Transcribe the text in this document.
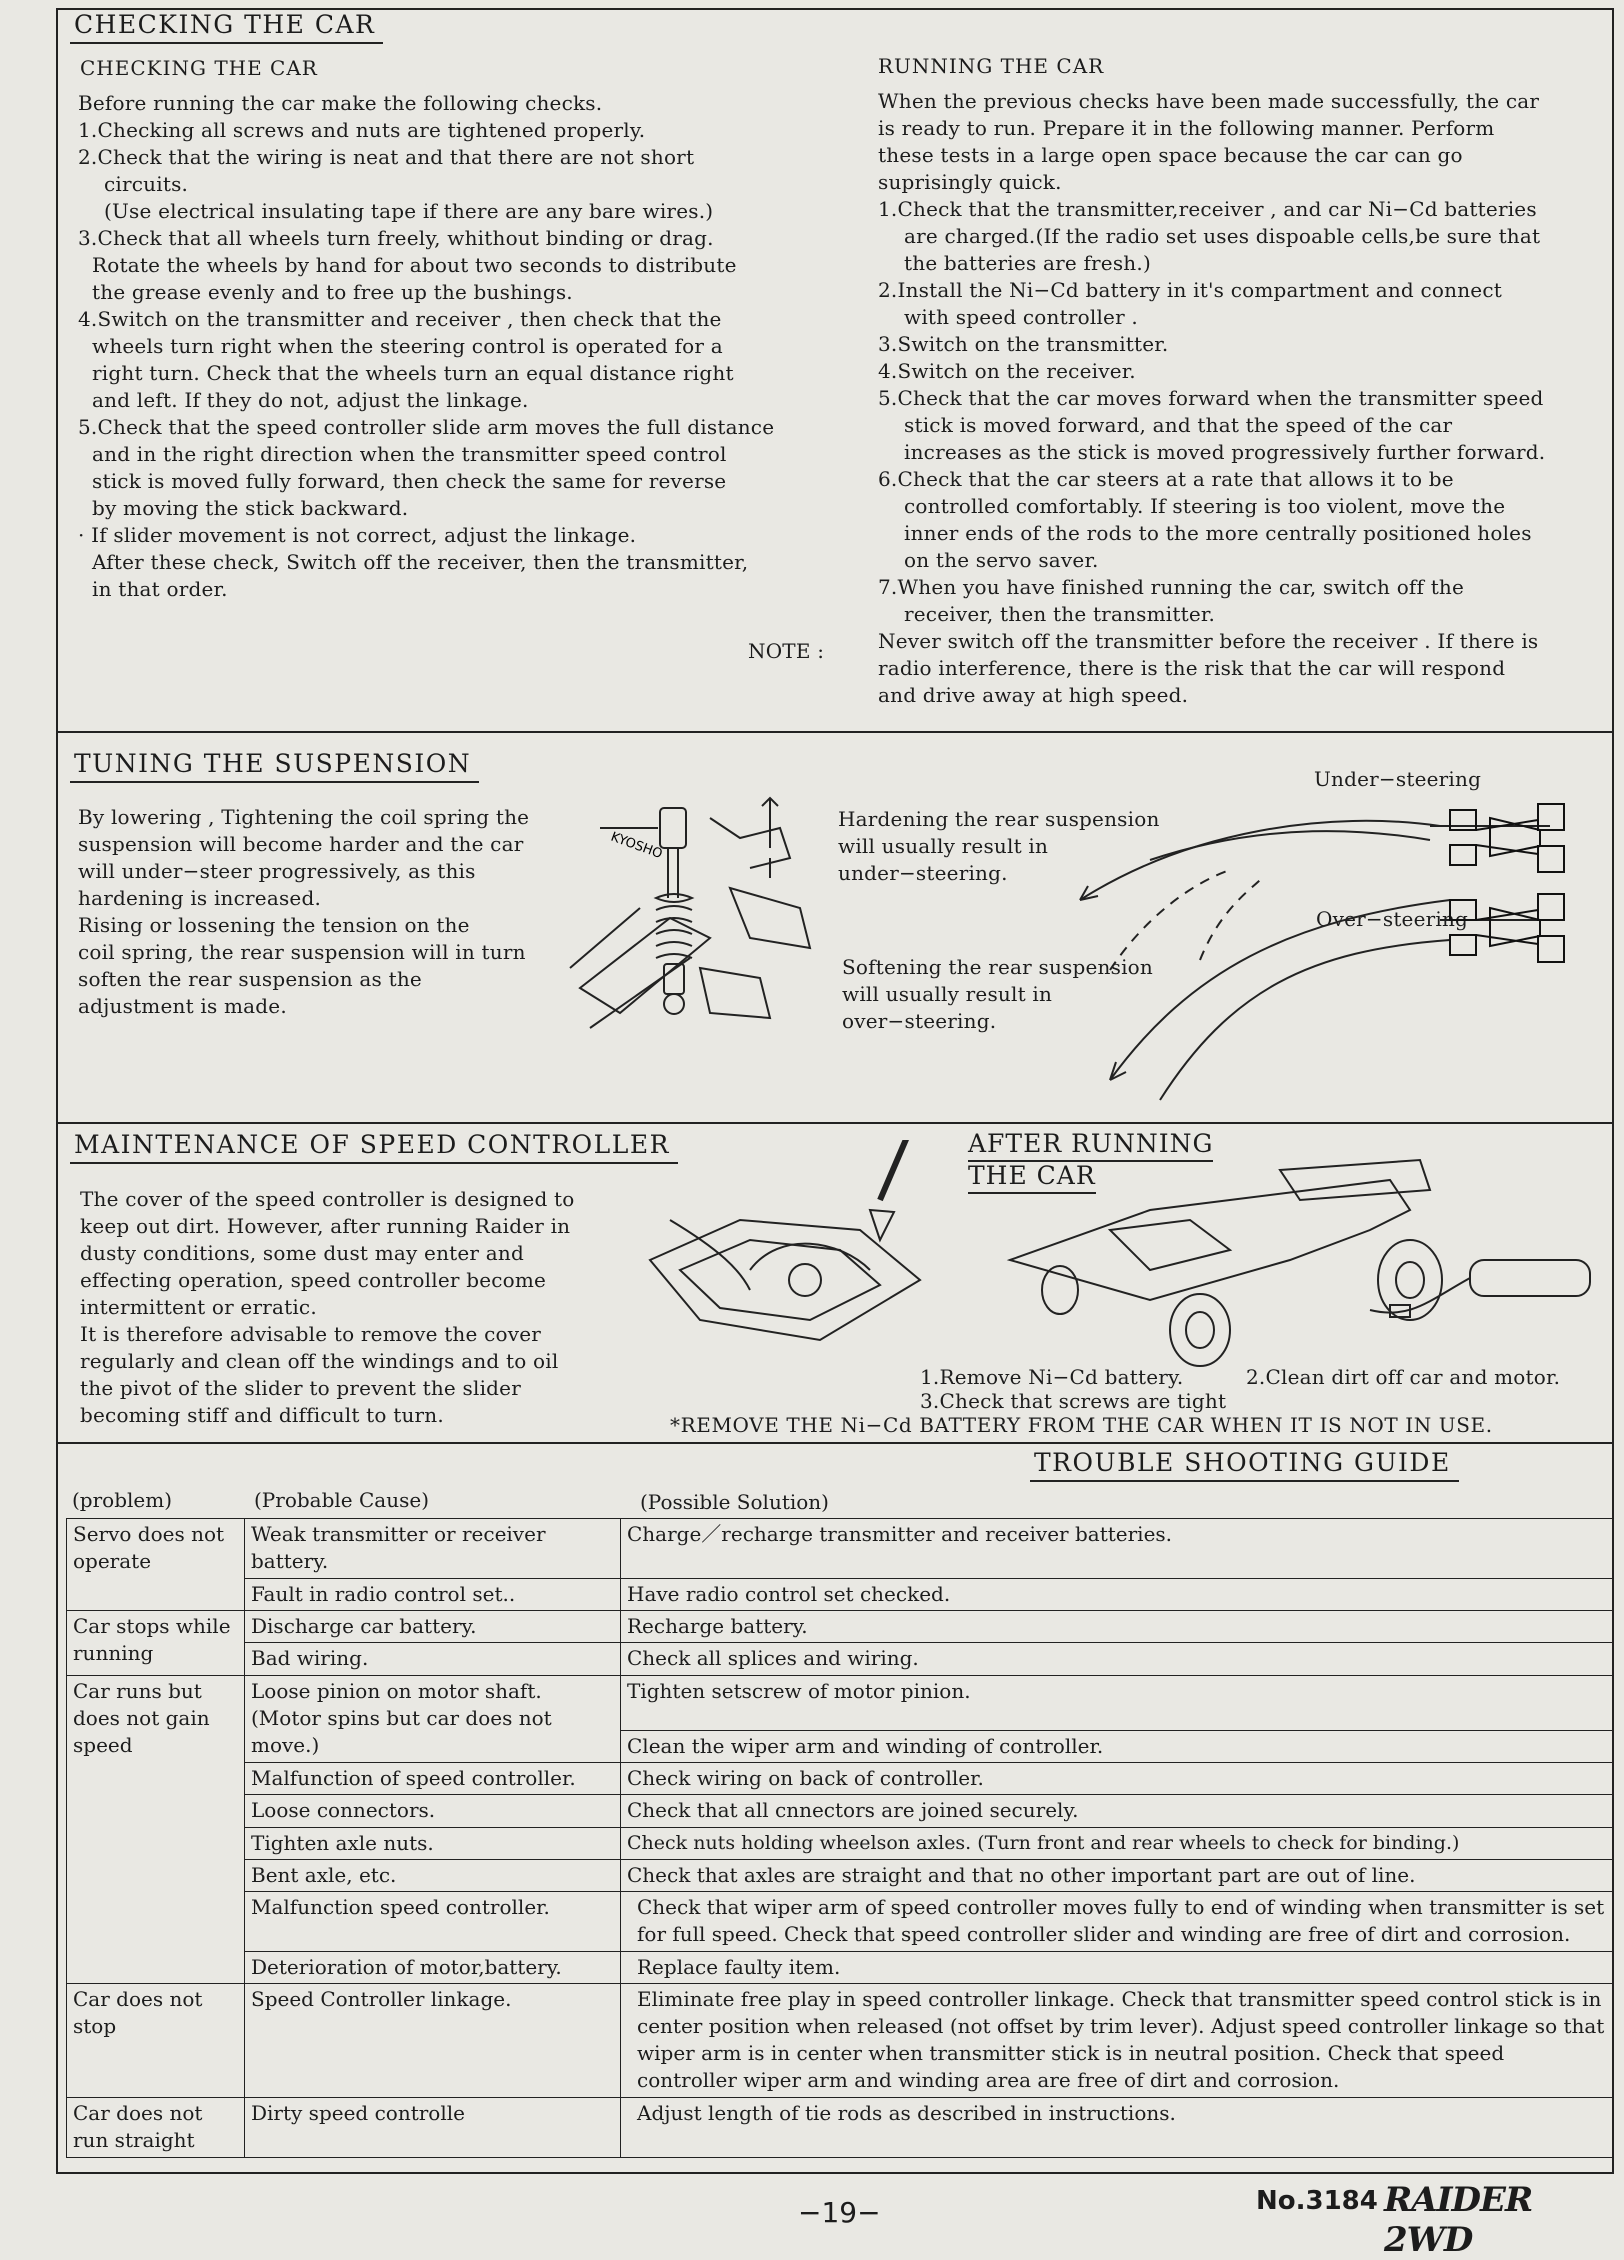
CHECKING THE CAR
CHECKING THE CAR

Before running the car make the following checks.

1.Checking all screws and nuts are tightened properly.

2.Check that the wiring is neat and that there are not short

circuits.

(Use electrical insulating tape if there are any bare wires.)

3.Check that all wheels turn freely, whithout binding or drag.

Rotate the wheels by hand for about two seconds to distribute

the grease evenly and to free up the bushings.

4.Switch on the transmitter and receiver , then check that the

wheels turn right when the steering control is operated for a

right turn. Check that the wheels turn an equal distance right

and left. If they do not, adjust the linkage.

5.Check that the speed controller slide arm moves the full distance

and in the right direction when the transmitter speed control

stick is moved fully forward, then check the same for reverse

by moving the stick backward.

· If slider movement is not correct, adjust the linkage.

After these check, Switch off the receiver, then the transmitter,

in that order.

NOTE :
RUNNING THE CAR

When the previous checks have been made successfully, the car

is ready to run. Prepare it in the following manner. Perform

these tests in a large open space because the car can go

suprisingly quick.

1.Check that the transmitter,receiver , and car Ni−Cd batteries

are charged.(If the radio set uses dispoable cells,be sure that

the batteries are fresh.)

2.Install the Ni−Cd battery in it's compartment and connect

with speed controller .

3.Switch on the transmitter.

4.Switch on the receiver.

5.Check that the car moves forward when the transmitter speed

stick is moved forward, and that the speed of the car

increases as the stick is moved progressively further forward.

6.Check that the car steers at a rate that allows it to be

controlled comfortably. If steering is too violent, move the

inner ends of the rods to the more centrally positioned holes

on the servo saver.

7.When you have finished running the car, switch off the

receiver, then the transmitter.

Never switch off the transmitter before the receiver . If there is

radio interference, there is the risk that the car will respond

and drive away at high speed.

TUNING THE SUSPENSION

By lowering , Tightening the coil spring the

suspension will become harder and the car

will under−steer progressively, as this

hardening is increased.

Rising or lossening the tension on the

coil spring, the rear suspension will in turn

soften the rear suspension as the

adjustment is made.

KYOSHO

Hardening the rear suspension

will usually result in

under−steering.

Softening the rear suspension

will usually result in

over−steering.

Under−steering
Over−steering
MAINTENANCE OF SPEED CONTROLLER

The cover of the speed controller is designed to

keep out dirt. However, after running Raider in

dusty conditions, some dust may enter and

effecting operation, speed controller become

intermittent or erratic.

It is therefore advisable to remove the cover

regularly and clean off the windings and to oil

the pivot of the slider to prevent the slider

becoming stiff and difficult to turn.

AFTER RUNNING
THE CAR
1.Remove Ni−Cd battery.	2.Clean dirt off car and motor.
3.Check that screws are tight
*REMOVE THE Ni−Cd BATTERY FROM THE CAR WHEN IT IS NOT IN USE.
TROUBLE SHOOTING GUIDE
(problem)	(Probable Cause)	(Possible Solution)
Servo does not operate	Weak transmitter or receiver battery.	Charge／recharge transmitter and receiver batteries.
	Fault in radio control set..	Have radio control set checked.
Car stops while running	Discharge car battery.	Recharge battery.
	Bad wiring.	Check all splices and wiring.
Car runs but does not gain speed	Loose pinion on motor shaft. (Motor spins but car does not move.)	Tighten setscrew of motor pinion.
		Clean the wiper arm and winding of controller.
	Malfunction of speed controller.	Check wiring on back of controller.
	Loose connectors.	Check that all cnnectors are joined securely.
	Tighten axle nuts.	Check nuts holding wheelson axles. (Turn front and rear wheels to check for binding.)
	Bent axle, etc.	Check that axles are straight and that no other important part are out of line.
	Malfunction speed controller.	Check that wiper arm of speed controller moves fully to end of winding when transmitter is set for full speed. Check that speed controller slider and winding are free of dirt and corrosion.
	Deterioration of motor,battery.	Replace faulty item.
Car does not stop	Speed Controller linkage.	Eliminate free play in speed controller linkage. Check that transmitter speed control stick is in center position when released (not offset by trim lever). Adjust speed controller linkage so that wiper arm is in center when transmitter stick is in neutral position. Check that speed controller wiper arm and winding area are free of dirt and corrosion.
Car does not run straight	Dirty speed controlle	Adjust length of tie rods as described in instructions.
−19−	No.3184 RAIDER 2WD
